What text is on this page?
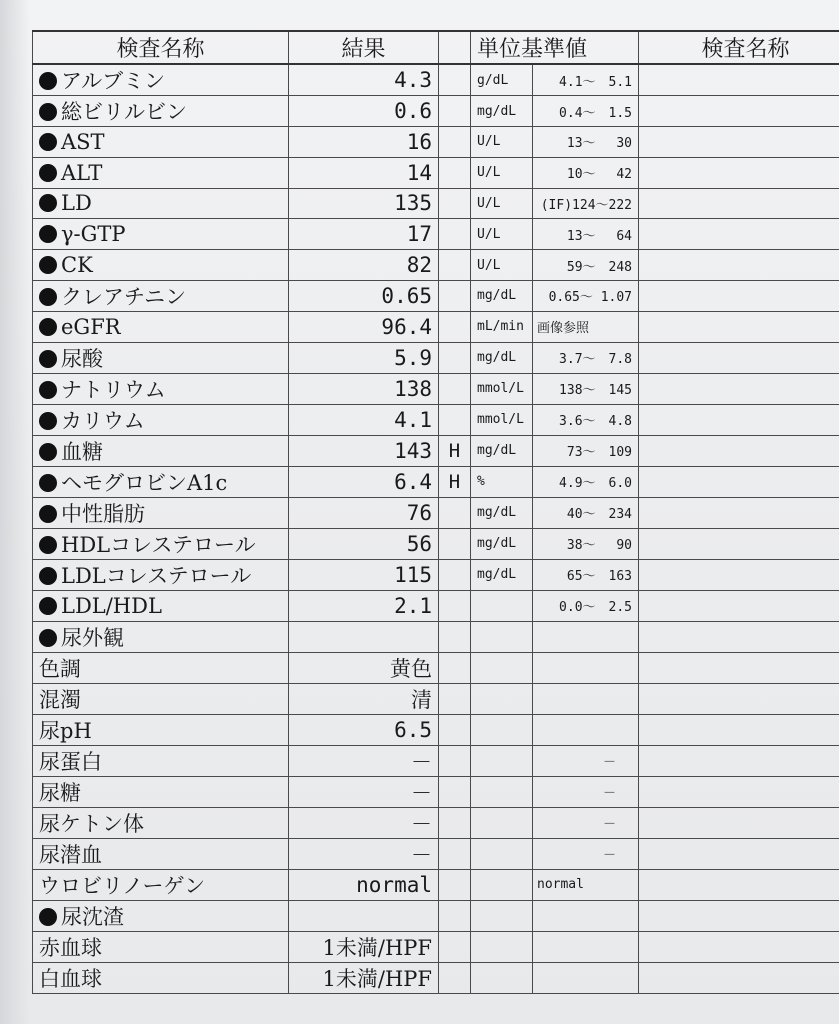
検査名称	結果		単位基準値		検査名称
アルブミン	4.3		g/dL	4.1～　5.1	
総ビリルビン	0.6		mg/dL	0.4～　1.5	
AST	16		U/L	13～　 30	
ALT	14		U/L	10～　 42	
LD	135		U/L	(IF)124～222	
γ-GTP	17		U/L	13～　 64	
CK	82		U/L	59～　248	
クレアチニン	0.65		mg/dL	0.65～ 1.07	
eGFR	96.4		mL/min	画像参照	
尿酸	5.9		mg/dL	3.7～　7.8	
ナトリウム	138		mmol/L	138～　145	
カリウム	4.1		mmol/L	3.6～　4.8	
血糖	143	H	mg/dL	73～　109	
ヘモグロビンA1c	6.4	H	%	4.9～　6.0	
中性脂肪	76		mg/dL	40～　234	
HDLコレステロール	56		mg/dL	38～　 90	
LDLコレステロール	115		mg/dL	65～　163	
LDL/HDL	2.1			0.0～　2.5	
尿外観					
色調	黄色				
混濁	清				
尿pH	6.5				
尿蛋白	－			－	
尿糖	－			－	
尿ケトン体	－			－	
尿潜血	－			－	
ウロビリノーゲン	normal			normal	
尿沈渣					
赤血球	1未満/HPF				
白血球	1未満/HPF				
